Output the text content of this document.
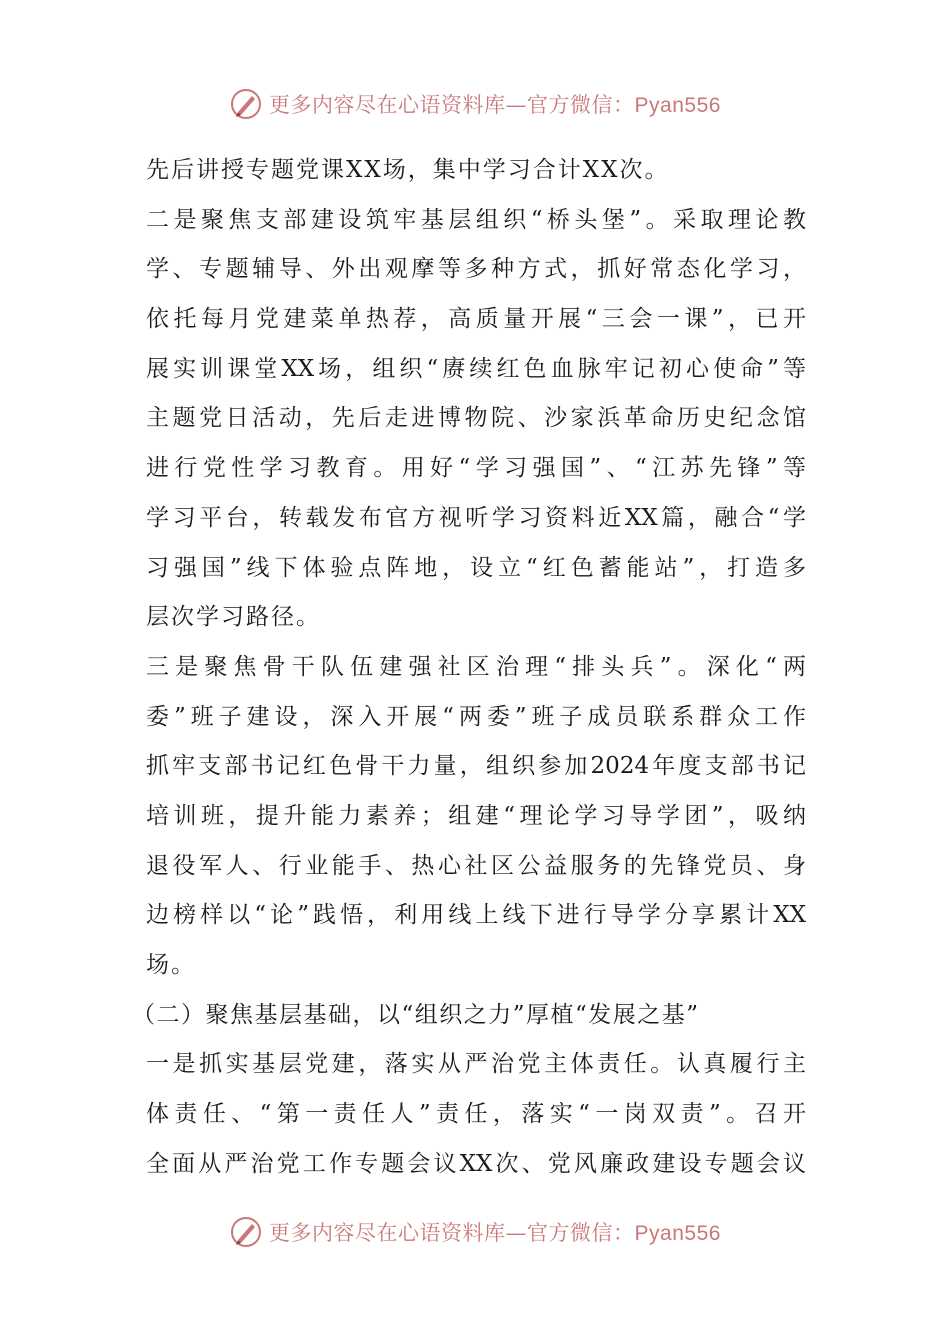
更多内容尽在心语资料库—官方微信：Pyan556
先后讲授专题党课XX场，集中学习合计XX次。
二是聚焦支部建设筑牢基层组织“桥头堡”。采取理论教
学、专题辅导、外出观摩等多种方式，抓好常态化学习，
依托每月党建菜单热荐，高质量开展“三会一课”，已开
展实训课堂XX场，组织“赓续红色血脉牢记初心使命”等
主题党日活动，先后走进博物院、沙家浜革命历史纪念馆
进行党性学习教育。用好“学习强国”、“江苏先锋”等
学习平台，转载发布官方视听学习资料近XX篇，融合“学
习强国”线下体验点阵地，设立“红色蓄能站”，打造多
层次学习路径。
三是聚焦骨干队伍建强社区治理“排头兵”。深化“两
委”班子建设，深入开展“两委”班子成员联系群众工作
抓牢支部书记红色骨干力量，组织参加2024年度支部书记
培训班，提升能力素养；组建“理论学习导学团”，吸纳
退役军人、行业能手、热心社区公益服务的先锋党员、身
边榜样以“论”践悟，利用线上线下进行导学分享累计XX
场。
（二）聚焦基层基础，以“组织之力”厚植“发展之基”
一是抓实基层党建，落实从严治党主体责任。认真履行主
体责任、“第一责任人”责任，落实“一岗双责”。召开
全面从严治党工作专题会议XX次、党风廉政建设专题会议
更多内容尽在心语资料库—官方微信：Pyan556
